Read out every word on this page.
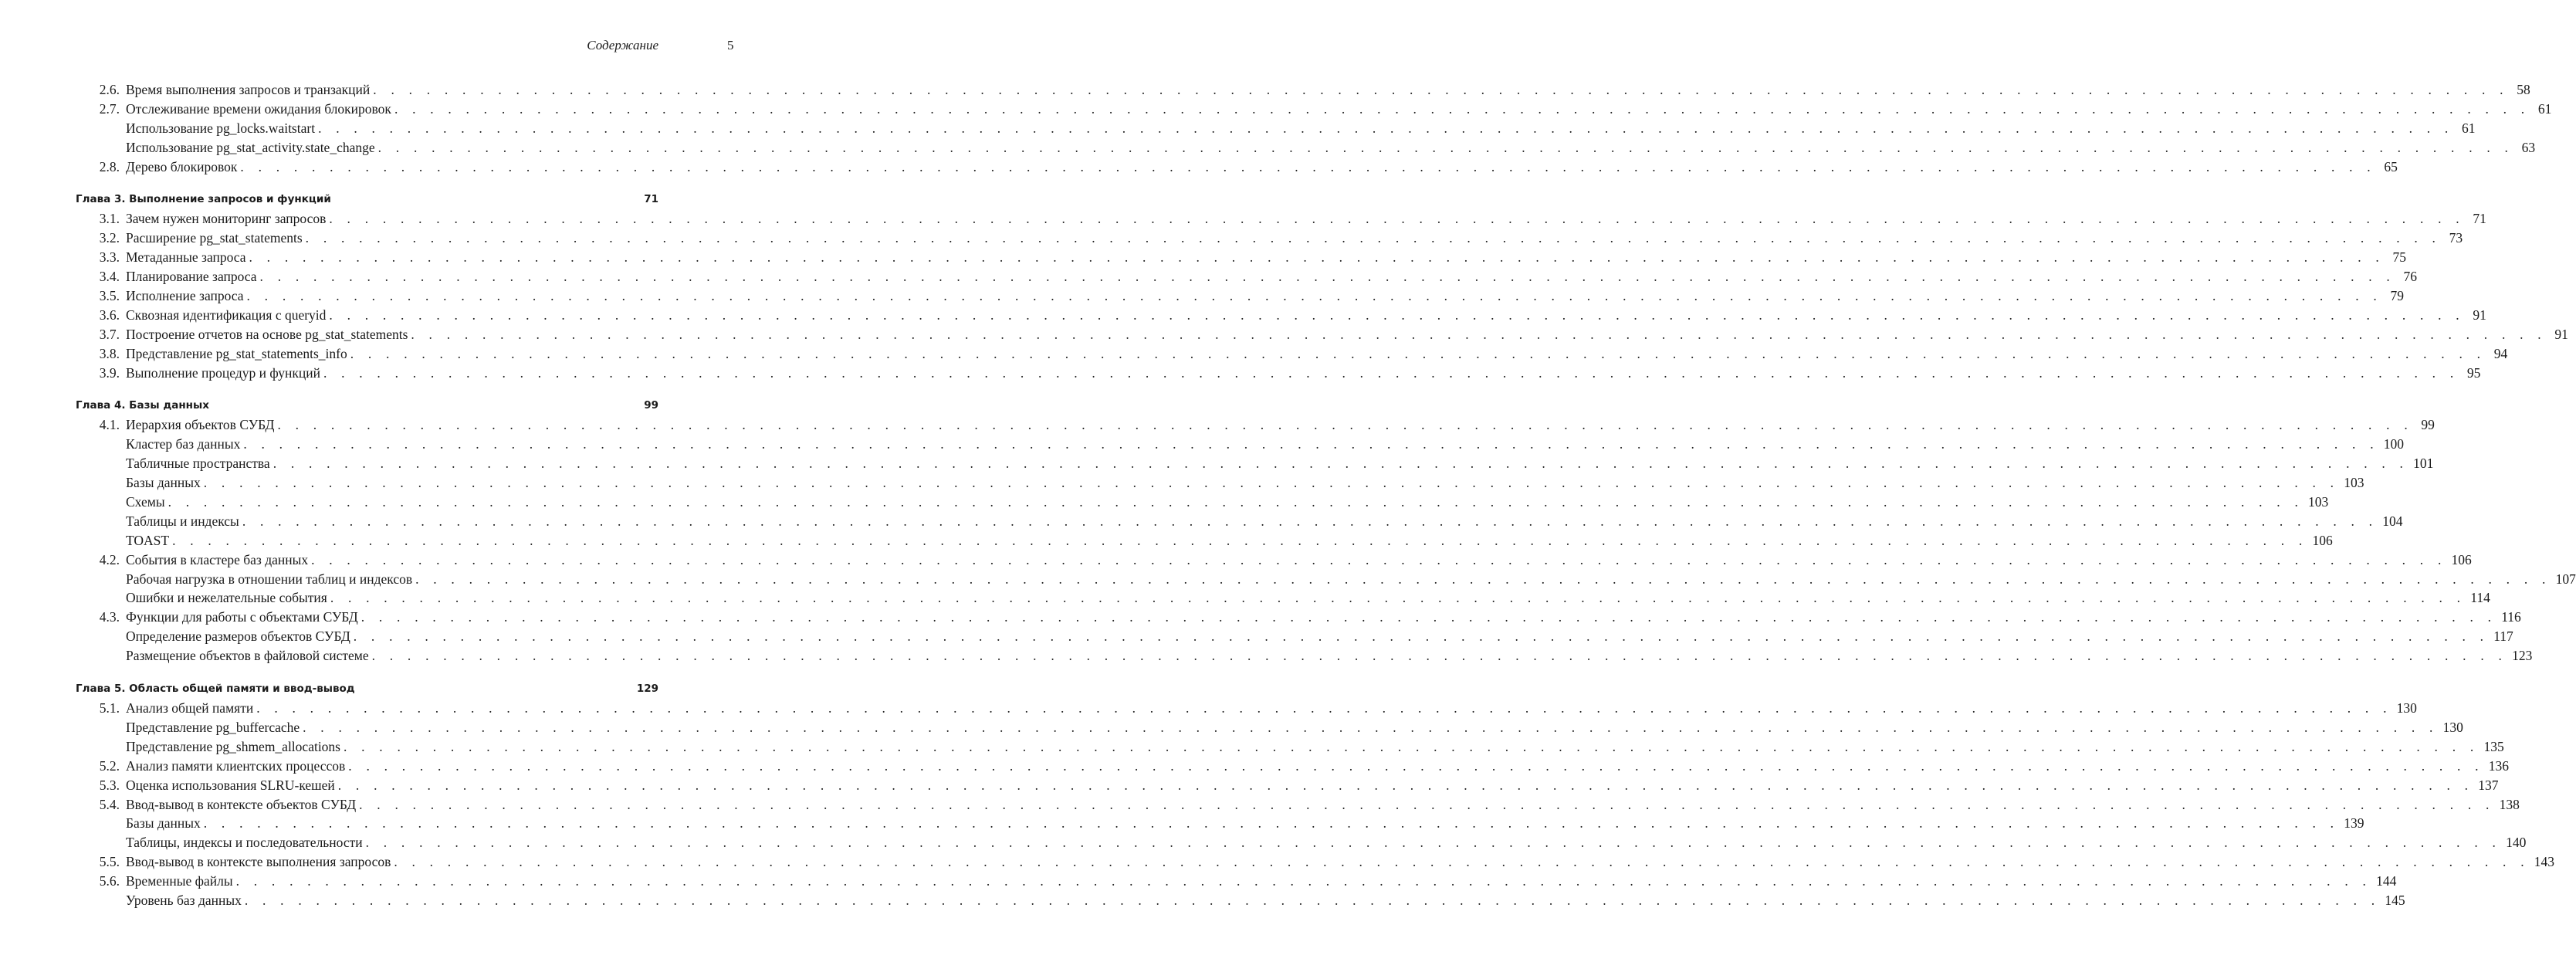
Содержание	5
2.6. Время выполнения запросов и транзакций . . . . . . . . . . . . . . . . . . . . . . . . . . . . . . . . . . . . . . . . . . . . . . . . . . . . . . . . . . . . . . . . . . . . . . . . . . . . . . . . . . . . . . . . . . . . . . . . . . . . . . . . . . . . . . . . . . . . . . . . 58
2.7. Отслеживание времени ожидания блокировок . . . . . . . . . . . . . . . . . . . . . . . . . . . . . . . . . . . . . . . . . . . . . . . . . . . . . . . . . . . . . . . . . . . . . . . . . . . . . . . . . . . . . . . . . . . . . . . . . . . . . . . . . . . . . . . . . . . . . . . . 61
Использование pg_locks.waitstart . . . . . . . . . . . . . . . . . . . . . . . . . . . . . . . . . . . . . . . . . . . . . . . . . . . . . . . . . . . . . . . . . . . . . . . . . . . . . . . . . . . . . . . . . . . . . . . . . . . . . . . . . . . . . . . . . . . . . . . . 61
Использование pg_stat_activity.state_change . . . . . . . . . . . . . . . . . . . . . . . . . . . . . . . . . . . . . . . . . . . . . . . . . . . . . . . . . . . . . . . . . . . . . . . . . . . . . . . . . . . . . . . . . . . . . . . . . . . . . . . . . . . . . . . . . . . . . . . . 63
2.8. Дерево блокировок . . . . . . . . . . . . . . . . . . . . . . . . . . . . . . . . . . . . . . . . . . . . . . . . . . . . . . . . . . . . . . . . . . . . . . . . . . . . . . . . . . . . . . . . . . . . . . . . . . . . . . . . . . . . . . . . . . . . . . . . 65
Глава 3. Выполнение запросов и функций	71
3.1. Зачем нужен мониторинг запросов . . . . . . . . . . . . . . . . . . . . . . . . . . . . . . . . . . . . . . . . . . . . . . . . . . . . . . . . . . . . . . . . . . . . . . . . . . . . . . . . . . . . . . . . . . . . . . . . . . . . . . . . . . . . . . . . . . . . . . . . 71
3.2. Расширение pg_stat_statements . . . . . . . . . . . . . . . . . . . . . . . . . . . . . . . . . . . . . . . . . . . . . . . . . . . . . . . . . . . . . . . . . . . . . . . . . . . . . . . . . . . . . . . . . . . . . . . . . . . . . . . . . . . . . . . . . . . . . . . . 73
3.3. Метаданные запроса . . . . . . . . . . . . . . . . . . . . . . . . . . . . . . . . . . . . . . . . . . . . . . . . . . . . . . . . . . . . . . . . . . . . . . . . . . . . . . . . . . . . . . . . . . . . . . . . . . . . . . . . . . . . . . . . . . . . . . . . 75
3.4. Планирование запроса . . . . . . . . . . . . . . . . . . . . . . . . . . . . . . . . . . . . . . . . . . . . . . . . . . . . . . . . . . . . . . . . . . . . . . . . . . . . . . . . . . . . . . . . . . . . . . . . . . . . . . . . . . . . . . . . . . . . . . . . 76
3.5. Исполнение запроса . . . . . . . . . . . . . . . . . . . . . . . . . . . . . . . . . . . . . . . . . . . . . . . . . . . . . . . . . . . . . . . . . . . . . . . . . . . . . . . . . . . . . . . . . . . . . . . . . . . . . . . . . . . . . . . . . . . . . . . . 79
3.6. Сквозная идентификация с queryid . . . . . . . . . . . . . . . . . . . . . . . . . . . . . . . . . . . . . . . . . . . . . . . . . . . . . . . . . . . . . . . . . . . . . . . . . . . . . . . . . . . . . . . . . . . . . . . . . . . . . . . . . . . . . . . . . . . . . . . . 91
3.7. Построение отчетов на основе pg_stat_statements . . . . . . . . . . . . . . . . . . . . . . . . . . . . . . . . . . . . . . . . . . . . . . . . . . . . . . . . . . . . . . . . . . . . . . . . . . . . . . . . . . . . . . . . . . . . . . . . . . . . . . . . . . . . . . . . . . . . . . . . 91
3.8. Представление pg_stat_statements_info . . . . . . . . . . . . . . . . . . . . . . . . . . . . . . . . . . . . . . . . . . . . . . . . . . . . . . . . . . . . . . . . . . . . . . . . . . . . . . . . . . . . . . . . . . . . . . . . . . . . . . . . . . . . . . . . . . . . . . . . 94
3.9. Выполнение процедур и функций . . . . . . . . . . . . . . . . . . . . . . . . . . . . . . . . . . . . . . . . . . . . . . . . . . . . . . . . . . . . . . . . . . . . . . . . . . . . . . . . . . . . . . . . . . . . . . . . . . . . . . . . . . . . . . . . . . . . . . . . 95
Глава 4. Базы данных	99
4.1. Иерархия объектов СУБД . . . . . . . . . . . . . . . . . . . . . . . . . . . . . . . . . . . . . . . . . . . . . . . . . . . . . . . . . . . . . . . . . . . . . . . . . . . . . . . . . . . . . . . . . . . . . . . . . . . . . . . . . . . . . . . . . . . . . . . . 99
Кластер баз данных . . . . . . . . . . . . . . . . . . . . . . . . . . . . . . . . . . . . . . . . . . . . . . . . . . . . . . . . . . . . . . . . . . . . . . . . . . . . . . . . . . . . . . . . . . . . . . . . . . . . . . . . . . . . . . . . . . . . . . . . 100
Табличные пространства . . . . . . . . . . . . . . . . . . . . . . . . . . . . . . . . . . . . . . . . . . . . . . . . . . . . . . . . . . . . . . . . . . . . . . . . . . . . . . . . . . . . . . . . . . . . . . . . . . . . . . . . . . . . . . . . . . . . . . . . 101
Базы данных . . . . . . . . . . . . . . . . . . . . . . . . . . . . . . . . . . . . . . . . . . . . . . . . . . . . . . . . . . . . . . . . . . . . . . . . . . . . . . . . . . . . . . . . . . . . . . . . . . . . . . . . . . . . . . . . . . . . . . . . 103
Схемы . . . . . . . . . . . . . . . . . . . . . . . . . . . . . . . . . . . . . . . . . . . . . . . . . . . . . . . . . . . . . . . . . . . . . . . . . . . . . . . . . . . . . . . . . . . . . . . . . . . . . . . . . . . . . . . . . . . . . . . . 103
Таблицы и индексы . . . . . . . . . . . . . . . . . . . . . . . . . . . . . . . . . . . . . . . . . . . . . . . . . . . . . . . . . . . . . . . . . . . . . . . . . . . . . . . . . . . . . . . . . . . . . . . . . . . . . . . . . . . . . . . . . . . . . . . . 104
TOAST . . . . . . . . . . . . . . . . . . . . . . . . . . . . . . . . . . . . . . . . . . . . . . . . . . . . . . . . . . . . . . . . . . . . . . . . . . . . . . . . . . . . . . . . . . . . . . . . . . . . . . . . . . . . . . . . . . . . . . . . 106
4.2. События в кластере баз данных . . . . . . . . . . . . . . . . . . . . . . . . . . . . . . . . . . . . . . . . . . . . . . . . . . . . . . . . . . . . . . . . . . . . . . . . . . . . . . . . . . . . . . . . . . . . . . . . . . . . . . . . . . . . . . . . . . . . . . . . 106
Рабочая нагрузка в отношении таблиц и индексов . . . . . . . . . . . . . . . . . . . . . . . . . . . . . . . . . . . . . . . . . . . . . . . . . . . . . . . . . . . . . . . . . . . . . . . . . . . . . . . . . . . . . . . . . . . . . . . . . . . . . . . . . . . . . . . . . . . . . . . . 107
Ошибки и нежелательные события . . . . . . . . . . . . . . . . . . . . . . . . . . . . . . . . . . . . . . . . . . . . . . . . . . . . . . . . . . . . . . . . . . . . . . . . . . . . . . . . . . . . . . . . . . . . . . . . . . . . . . . . . . . . . . . . . . . . . . . . 114
4.3. Функции для работы с объектами СУБД . . . . . . . . . . . . . . . . . . . . . . . . . . . . . . . . . . . . . . . . . . . . . . . . . . . . . . . . . . . . . . . . . . . . . . . . . . . . . . . . . . . . . . . . . . . . . . . . . . . . . . . . . . . . . . . . . . . . . . . . 116
Определение размеров объектов СУБД . . . . . . . . . . . . . . . . . . . . . . . . . . . . . . . . . . . . . . . . . . . . . . . . . . . . . . . . . . . . . . . . . . . . . . . . . . . . . . . . . . . . . . . . . . . . . . . . . . . . . . . . . . . . . . . . . . . . . . . . 117
Размещение объектов в файловой системе . . . . . . . . . . . . . . . . . . . . . . . . . . . . . . . . . . . . . . . . . . . . . . . . . . . . . . . . . . . . . . . . . . . . . . . . . . . . . . . . . . . . . . . . . . . . . . . . . . . . . . . . . . . . . . . . . . . . . . . . 123
Глава 5. Область общей памяти и ввод-вывод	129
5.1. Анализ общей памяти . . . . . . . . . . . . . . . . . . . . . . . . . . . . . . . . . . . . . . . . . . . . . . . . . . . . . . . . . . . . . . . . . . . . . . . . . . . . . . . . . . . . . . . . . . . . . . . . . . . . . . . . . . . . . . . . . . . . . . . . 130
Представление pg_buffercache . . . . . . . . . . . . . . . . . . . . . . . . . . . . . . . . . . . . . . . . . . . . . . . . . . . . . . . . . . . . . . . . . . . . . . . . . . . . . . . . . . . . . . . . . . . . . . . . . . . . . . . . . . . . . . . . . . . . . . . . 130
Представление pg_shmem_allocations . . . . . . . . . . . . . . . . . . . . . . . . . . . . . . . . . . . . . . . . . . . . . . . . . . . . . . . . . . . . . . . . . . . . . . . . . . . . . . . . . . . . . . . . . . . . . . . . . . . . . . . . . . . . . . . . . . . . . . . . 135
5.2. Анализ памяти клиентских процессов . . . . . . . . . . . . . . . . . . . . . . . . . . . . . . . . . . . . . . . . . . . . . . . . . . . . . . . . . . . . . . . . . . . . . . . . . . . . . . . . . . . . . . . . . . . . . . . . . . . . . . . . . . . . . . . . . . . . . . . . 136
5.3. Оценка использования SLRU-кешей . . . . . . . . . . . . . . . . . . . . . . . . . . . . . . . . . . . . . . . . . . . . . . . . . . . . . . . . . . . . . . . . . . . . . . . . . . . . . . . . . . . . . . . . . . . . . . . . . . . . . . . . . . . . . . . . . . . . . . . . 137
5.4. Ввод-вывод в контексте объектов СУБД . . . . . . . . . . . . . . . . . . . . . . . . . . . . . . . . . . . . . . . . . . . . . . . . . . . . . . . . . . . . . . . . . . . . . . . . . . . . . . . . . . . . . . . . . . . . . . . . . . . . . . . . . . . . . . . . . . . . . . . . 138
Базы данных . . . . . . . . . . . . . . . . . . . . . . . . . . . . . . . . . . . . . . . . . . . . . . . . . . . . . . . . . . . . . . . . . . . . . . . . . . . . . . . . . . . . . . . . . . . . . . . . . . . . . . . . . . . . . . . . . . . . . . . . 139
Таблицы, индексы и последовательности . . . . . . . . . . . . . . . . . . . . . . . . . . . . . . . . . . . . . . . . . . . . . . . . . . . . . . . . . . . . . . . . . . . . . . . . . . . . . . . . . . . . . . . . . . . . . . . . . . . . . . . . . . . . . . . . . . . . . . . . 140
5.5. Ввод-вывод в контексте выполнения запросов . . . . . . . . . . . . . . . . . . . . . . . . . . . . . . . . . . . . . . . . . . . . . . . . . . . . . . . . . . . . . . . . . . . . . . . . . . . . . . . . . . . . . . . . . . . . . . . . . . . . . . . . . . . . . . . . . . . . . . . . 143
5.6. Временные файлы . . . . . . . . . . . . . . . . . . . . . . . . . . . . . . . . . . . . . . . . . . . . . . . . . . . . . . . . . . . . . . . . . . . . . . . . . . . . . . . . . . . . . . . . . . . . . . . . . . . . . . . . . . . . . . . . . . . . . . . . 144
Уровень баз данных . . . . . . . . . . . . . . . . . . . . . . . . . . . . . . . . . . . . . . . . . . . . . . . . . . . . . . . . . . . . . . . . . . . . . . . . . . . . . . . . . . . . . . . . . . . . . . . . . . . . . . . . . . . . . . . . . . . . . . . . 145
